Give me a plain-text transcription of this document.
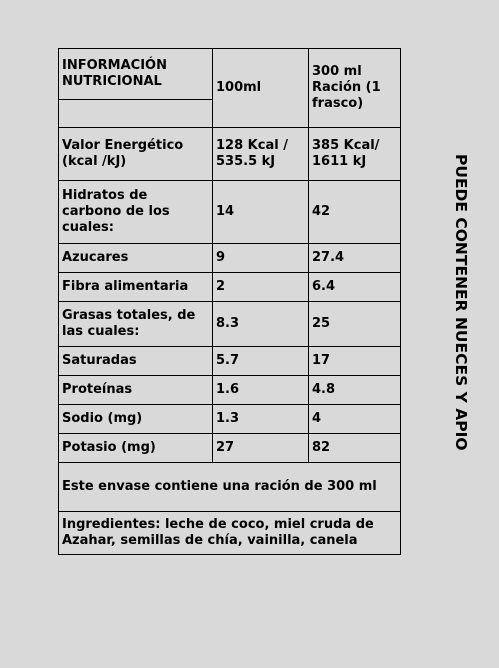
INFORMACIÓN NUTRICIONAL	100ml	300 ml Ración (1 frasco)

Valor Energético (kcal /kJ)	128 Kcal / 535.5 kJ	385 Kcal/ 1611 kJ
Hidratos de carbono de los cuales:	14	42
Azucares	9	27.4
Fibra alimentaria	2	6.4
Grasas totales, de las cuales:	8.3	25
Saturadas	5.7	17
Proteínas	1.6	4.8
Sodio (mg)	1.3	4
Potasio (mg)	27	82
Este envase contiene una ración de 300 ml		
Ingredientes: leche de coco, miel cruda de Azahar, semillas de chía, vainilla, canela		
PUEDE CONTENER NUECES Y APIO
